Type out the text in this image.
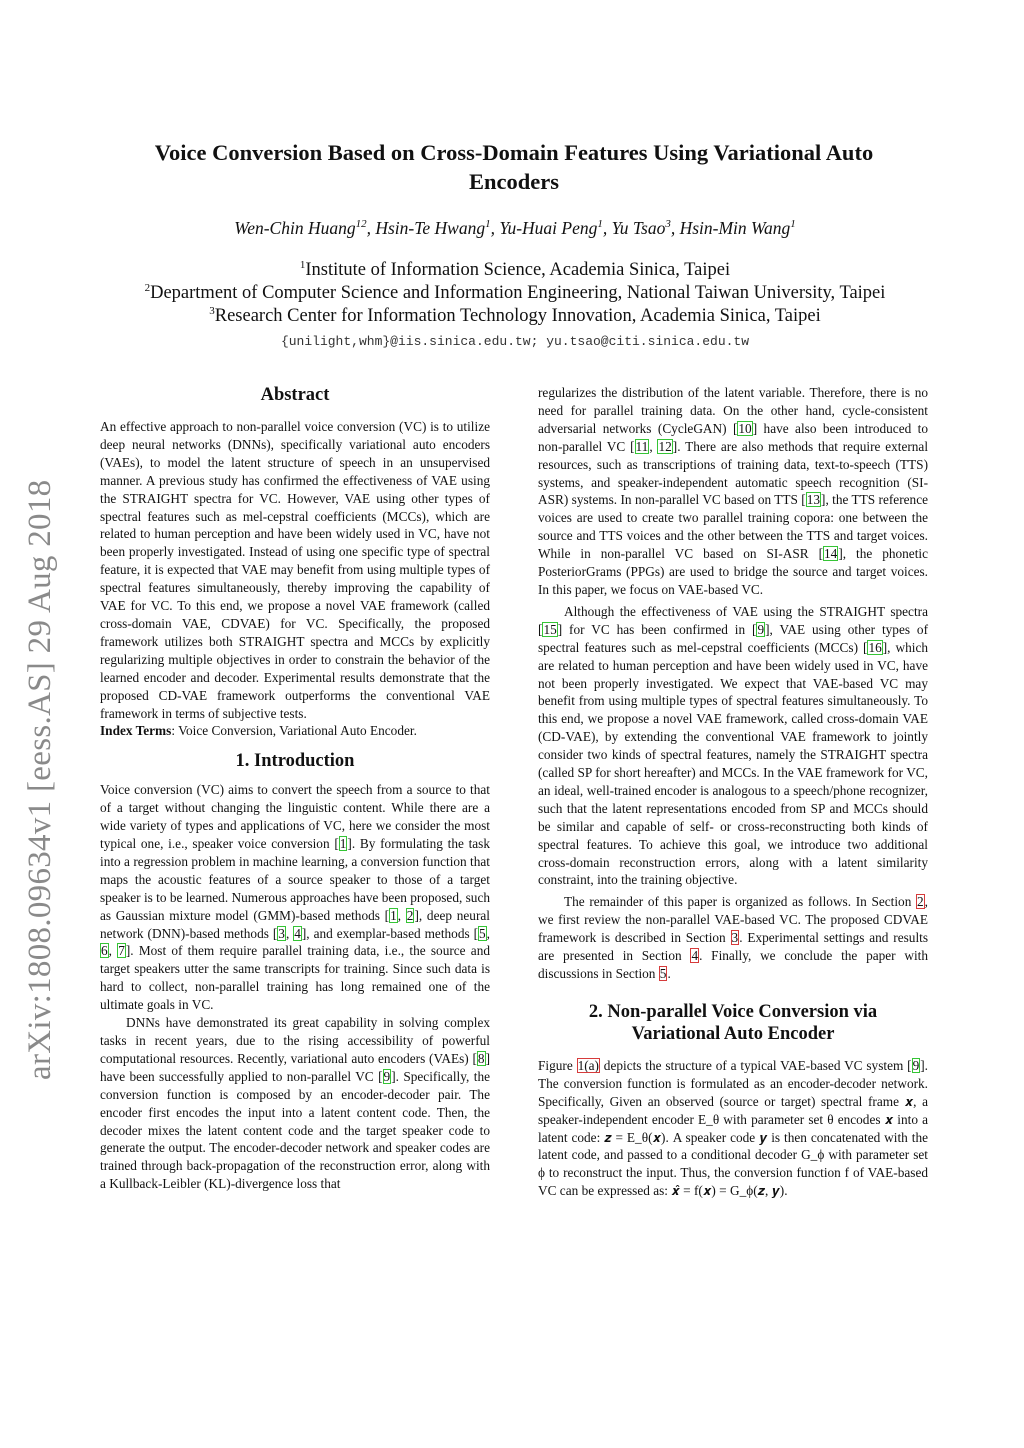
arXiv:1808.09634v1 [eess.AS] 29 Aug 2018
Voice Conversion Based on Cross-Domain Features Using Variational Auto Encoders
Wen-Chin Huang$^{12}$, Hsin-Te Hwang$^1$, Yu-Huai Peng$^1$, Yu Tsao$^3$, Hsin-Min Wang$^1$
$^1$Institute of Information Science, Academia Sinica, Taipei
$^2$Department of Computer Science and Information Engineering, National Taiwan University, Taipei
$^3$Research Center for Information Technology Innovation, Academia Sinica, Taipei
{unilight,whm}@iis.sinica.edu.tw; yu.tsao@citi.sinica.edu.tw
Abstract

An effective approach to non-parallel voice conversion (VC) is to utilize deep neural networks (DNNs), specifically variational auto encoders (VAEs), to model the latent structure of speech in an unsupervised manner. A previous study has confirmed the effectiveness of VAE using the STRAIGHT spectra for VC. However, VAE using other types of spectral features such as mel-cepstral coefficients (MCCs), which are related to human perception and have been widely used in VC, have not been properly investigated. Instead of using one specific type of spectral feature, it is expected that VAE may benefit from using multiple types of spectral features simultaneously, thereby improving the capability of VAE for VC. To this end, we propose a novel VAE framework (called cross-domain VAE, CDVAE) for VC. Specifically, the proposed framework utilizes both STRAIGHT spectra and MCCs by explicitly regularizing multiple objectives in order to constrain the behavior of the learned encoder and decoder. Experimental results demonstrate that the proposed CD-VAE framework outperforms the conventional VAE framework in terms of subjective tests.

Index Terms: Voice Conversion, Variational Auto Encoder.

1. Introduction

Voice conversion (VC) aims to convert the speech from a source to that of a target without changing the linguistic content. While there are a wide variety of types and applications of VC, here we consider the most typical one, i.e., speaker voice conversion [1]. By formulating the task into a regression problem in machine learning, a conversion function that maps the acoustic features of a source speaker to those of a target speaker is to be learned. Numerous approaches have been proposed, such as Gaussian mixture model (GMM)-based methods [1, 2], deep neural network (DNN)-based methods [3, 4], and exemplar-based methods [5, 6, 7]. Most of them require parallel training data, i.e., the source and target speakers utter the same transcripts for training. Since such data is hard to collect, non-parallel training has long remained one of the ultimate goals in VC.

DNNs have demonstrated its great capability in solving complex tasks in recent years, due to the rising accessibility of powerful computational resources. Recently, variational auto encoders (VAEs) [8] have been successfully applied to non-parallel VC [9]. Specifically, the conversion function is composed by an encoder-decoder pair. The encoder first encodes the input into a latent content code. Then, the decoder mixes the latent content code and the target speaker code to generate the output. The encoder-decoder network and speaker codes are trained through back-propagation of the reconstruction error, along with a Kullback-Leibler (KL)-divergence loss that

regularizes the distribution of the latent variable. Therefore, there is no need for parallel training data. On the other hand, cycle-consistent adversarial networks (CycleGAN) [10] have also been introduced to non-parallel VC [11, 12]. There are also methods that require external resources, such as transcriptions of training data, text-to-speech (TTS) systems, and speaker-independent automatic speech recognition (SI-ASR) systems. In non-parallel VC based on TTS [13], the TTS reference voices are used to create two parallel training copora: one between the source and TTS voices and the other between the TTS and target voices. While in non-parallel VC based on SI-ASR [14], the phonetic PosteriorGrams (PPGs) are used to bridge the source and target voices. In this paper, we focus on VAE-based VC.

Although the effectiveness of VAE using the STRAIGHT spectra [15] for VC has been confirmed in [9], VAE using other types of spectral features such as mel-cepstral coefficients (MCCs) [16], which are related to human perception and have been widely used in VC, have not been properly investigated. We expect that VAE-based VC may benefit from using multiple types of spectral features simultaneously. To this end, we propose a novel VAE framework, called cross-domain VAE (CD-VAE), by extending the conventional VAE framework to jointly consider two kinds of spectral features, namely the STRAIGHT spectra (called SP for short hereafter) and MCCs. In the VAE framework for VC, an ideal, well-trained encoder is analogous to a speech/phone recognizer, such that the latent representations encoded from SP and MCCs should be similar and capable of self- or cross-reconstructing both kinds of spectral features. To achieve this goal, we introduce two additional cross-domain reconstruction errors, along with a latent similarity constraint, into the training objective.

The remainder of this paper is organized as follows. In Section 2, we first review the non-parallel VAE-based VC. The proposed CDVAE framework is described in Section 3. Experimental settings and results are presented in Section 4. Finally, we conclude the paper with discussions in Section 5.

2. Non-parallel Voice Conversion via
Variational Auto Encoder

Figure 1(a) depicts the structure of a typical VAE-based VC system [9]. The conversion function is formulated as an encoder-decoder network. Specifically, Given an observed (source or target) spectral frame 𝒙, a speaker-independent encoder E_θ with parameter set θ encodes 𝒙 into a latent code: 𝒛 = E_θ(𝒙). A speaker code 𝒚 is then concatenated with the latent code, and passed to a conditional decoder G_ϕ with parameter set ϕ to reconstruct the input. Thus, the conversion function f of VAE-based VC can be expressed as: 𝒙̂ = f(𝒙) = G_ϕ(𝒛, 𝒚).
